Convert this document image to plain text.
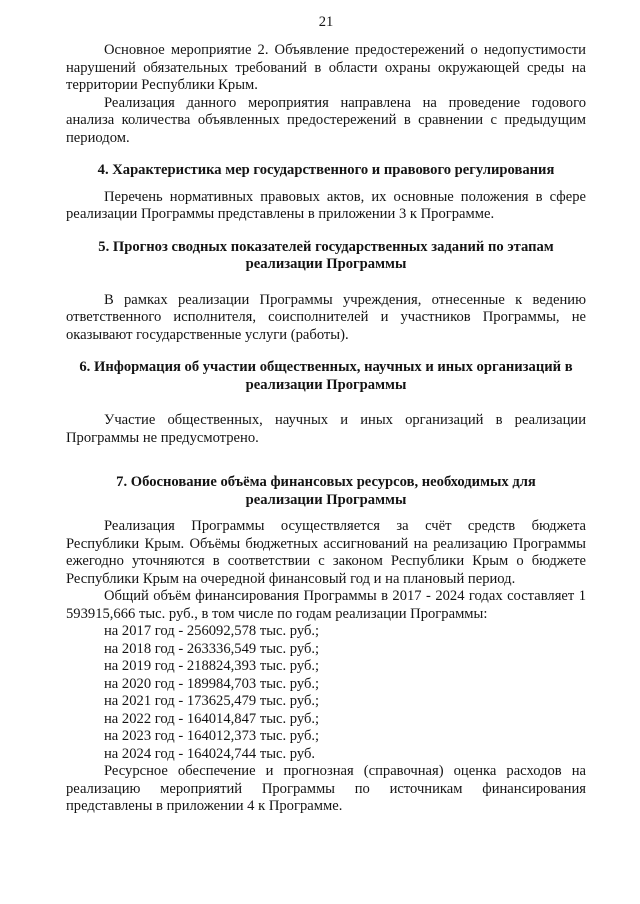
21

Основное мероприятие 2. Объявление предостережений о недопустимости нарушений обязательных требований в области охраны окружающей среды на территории Республики Крым.

Реализация данного мероприятия направлена на проведение годового анализа количества объявленных предостережений в сравнении с предыдущим периодом.

4. Характеристика мер государственного и правового регулирования

Перечень нормативных правовых актов, их основные положения в сфере реализации Программы представлены в приложении 3 к Программе.

5. Прогноз сводных показателей государственных заданий по этапам
реализации Программы

В рамках реализации Программы учреждения, отнесенные к ведению ответственного исполнителя, соисполнителей и участников Программы, не оказывают государственные услуги (работы).

6. Информация об участии общественных, научных и иных организаций в
реализации Программы

Участие общественных, научных и иных организаций в реализации Программы не предусмотрено.

7. Обоснование объёма финансовых ресурсов, необходимых для
реализации Программы

Реализация Программы осуществляется за счёт средств бюджета Республики Крым. Объёмы бюджетных ассигнований на реализацию Программы ежегодно уточняются в соответствии с законом Республики Крым о бюджете Республики Крым на очередной финансовый год и на плановый период.

Общий объём финансирования Программы в 2017 - 2024 годах составляет 1 593915,666 тыс. руб., в том числе по годам реализации Программы:

на 2017 год - 256092,578 тыс. руб.;
на 2018 год - 263336,549 тыс. руб.;
на 2019 год - 218824,393 тыс. руб.;
на 2020 год - 189984,703 тыс. руб.;
на 2021 год - 173625,479 тыс. руб.;
на 2022 год - 164014,847 тыс. руб.;
на 2023 год - 164012,373 тыс. руб.;
на 2024 год - 164024,744 тыс. руб.

Ресурсное обеспечение и прогнозная (справочная) оценка расходов на реализацию мероприятий Программы по источникам финансирования представлены в приложении 4 к Программе.
